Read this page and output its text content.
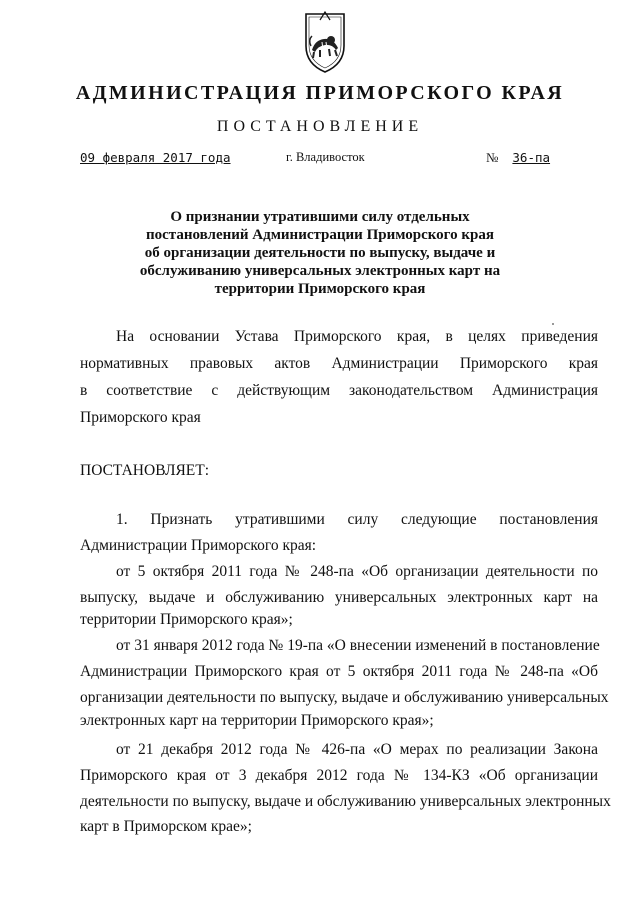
АДМИНИСТРАЦИЯ ПРИМОРСКОГО КРАЯ
ПОСТАНОВЛЕНИЕ
09 февраля 2017 года	г. Владивосток	№ 36-па
О признании утратившими силу отдельных
постановлений Администрации Приморского края
об организации деятельности по выпуску, выдаче и
обслуживанию универсальных электронных карт на
территории Приморского края
На основании Устава Приморского края, в целях приведения
нормативных правовых актов Администрации Приморского края
в соответствие с действующим законодательством Администрация
Приморского края
ПОСТАНОВЛЯЕТ:
1. Признать утратившими силу следующие постановления
Администрации Приморского края:
от 5 октября 2011 года № 248-па «Об организации деятельности по
выпуску, выдаче и обслуживанию универсальных электронных карт на
территории Приморского края»;
от 31 января 2012 года № 19-па «О внесении изменений в постановление
Администрации Приморского края от 5 октября 2011 года № 248-па «Об
организации деятельности по выпуску, выдаче и обслуживанию универсальных
электронных карт на территории Приморского края»;
от 21 декабря 2012 года № 426-па «О мерах по реализации Закона
Приморского края от 3 декабря 2012 года № 134-КЗ «Об организации
деятельности по выпуску, выдаче и обслуживанию универсальных электронных
карт в Приморском крае»;
